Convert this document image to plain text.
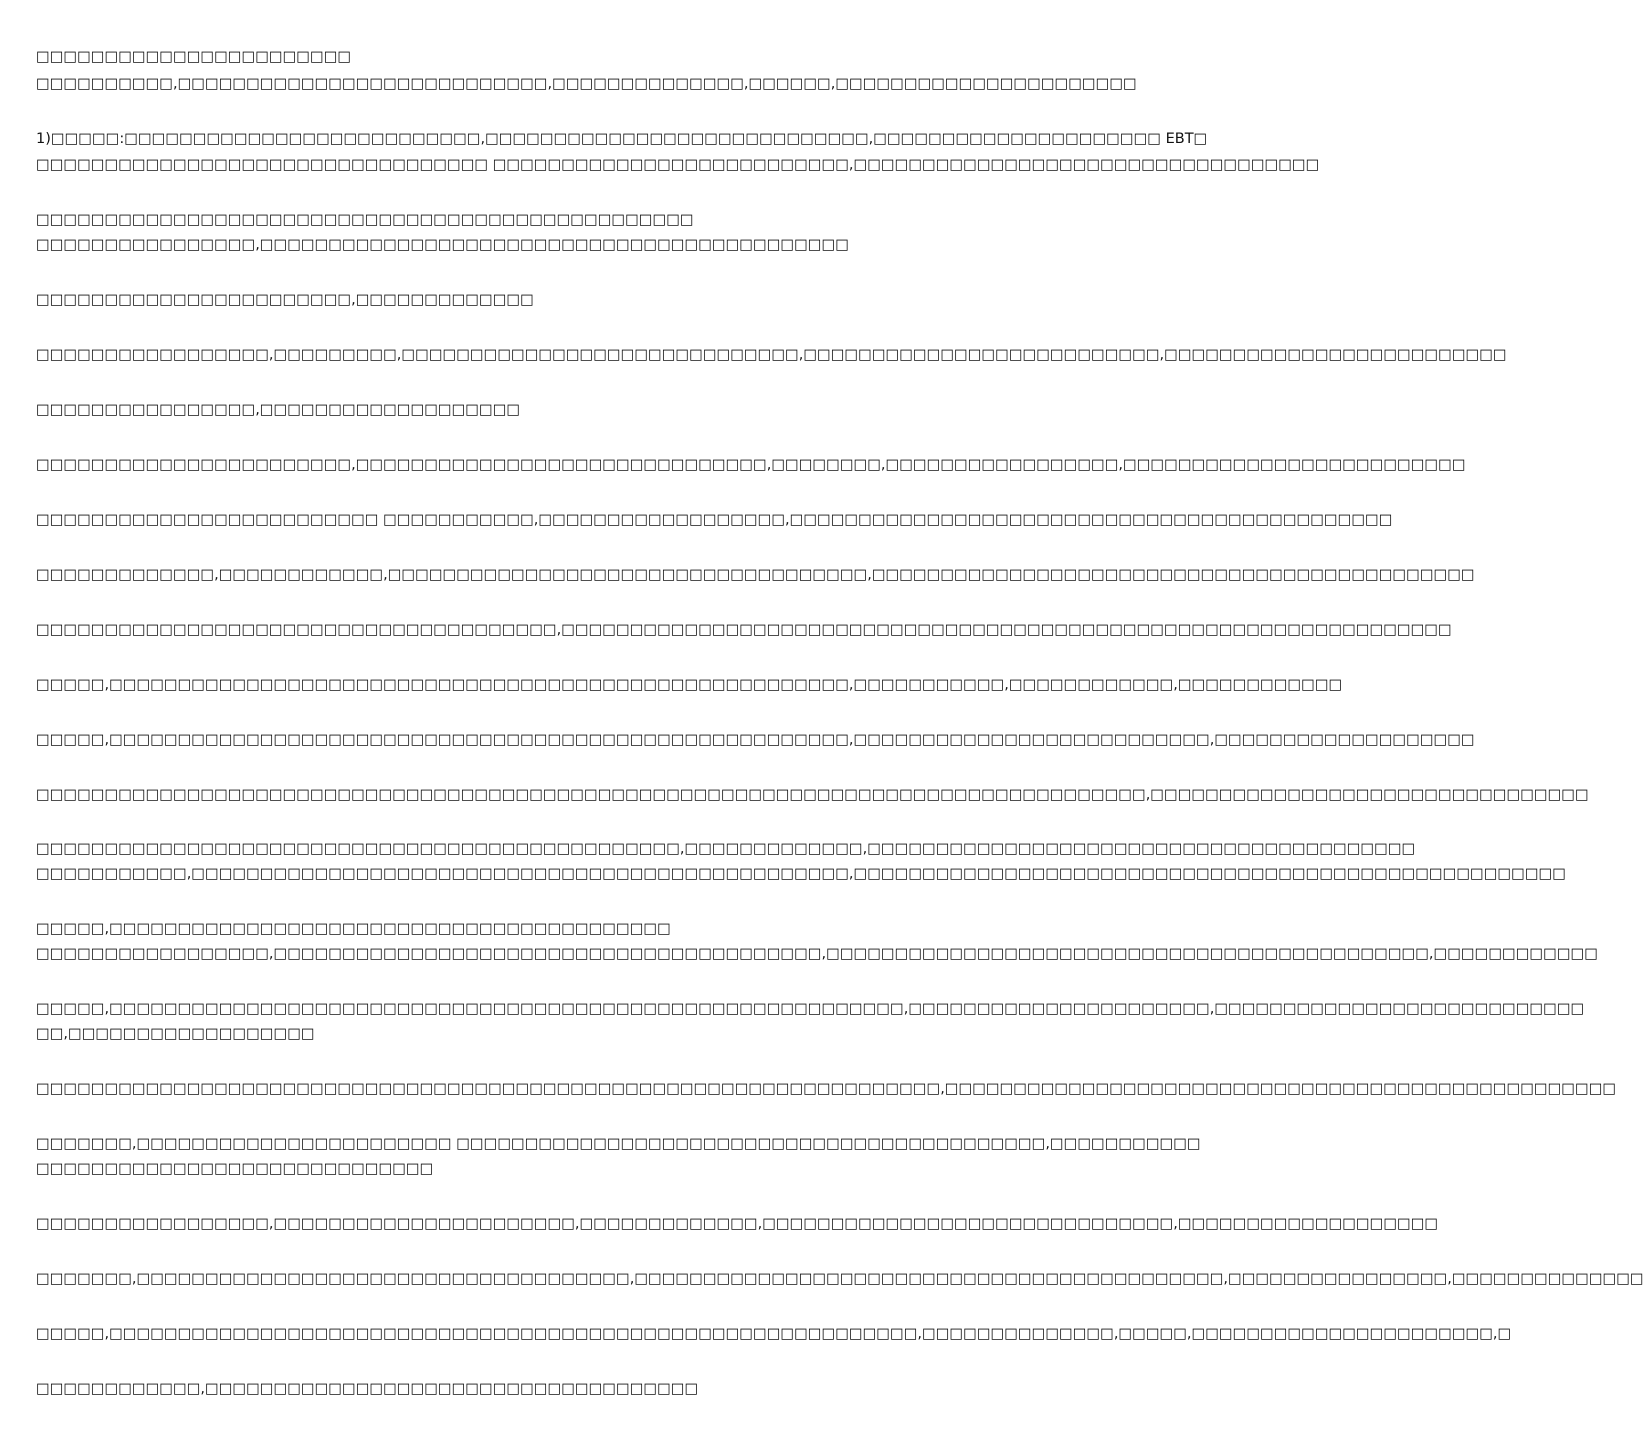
□□□□□□□□□□□□□□□□□□□□□□□
□□□□□□□□□□,□□□□□□□□□□□□□□□□□□□□□□□□□□□,□□□□□□□□□□□□□□,□□□□□□,□□□□□□□□□□□□□□□□□□□□□□
1)□□□□□:□□□□□□□□□□□□□□□□□□□□□□□□□□,□□□□□□□□□□□□□□□□□□□□□□□□□□□□,□□□□□□□□□□□□□□□□□□□□□ EBT□
□□□□□□□□□□□□□□□□□□□□□□□□□□□□□□□□□ □□□□□□□□□□□□□□□□□□□□□□□□□□,□□□□□□□□□□□□□□□□□□□□□□□□□□□□□□□□□□
□□□□□□□□□□□□□□□□□□□□□□□□□□□□□□□□□□□□□□□□□□□□□□□□
□□□□□□□□□□□□□□□□,□□□□□□□□□□□□□□□□□□□□□□□□□□□□□□□□□□□□□□□□□□□
□□□□□□□□□□□□□□□□□□□□□□□,□□□□□□□□□□□□□
□□□□□□□□□□□□□□□□□,□□□□□□□□□,□□□□□□□□□□□□□□□□□□□□□□□□□□□□□,□□□□□□□□□□□□□□□□□□□□□□□□□□,□□□□□□□□□□□□□□□□□□□□□□□□□
□□□□□□□□□□□□□□□□,□□□□□□□□□□□□□□□□□□□
□□□□□□□□□□□□□□□□□□□□□□□,□□□□□□□□□□□□□□□□□□□□□□□□□□□□□□,□□□□□□□□,□□□□□□□□□□□□□□□□□,□□□□□□□□□□□□□□□□□□□□□□□□□
□□□□□□□□□□□□□□□□□□□□□□□□□ □□□□□□□□□□□,□□□□□□□□□□□□□□□□□□,□□□□□□□□□□□□□□□□□□□□□□□□□□□□□□□□□□□□□□□□□□□□
□□□□□□□□□□□□□,□□□□□□□□□□□□,□□□□□□□□□□□□□□□□□□□□□□□□□□□□□□□□□□□,□□□□□□□□□□□□□□□□□□□□□□□□□□□□□□□□□□□□□□□□□□□□
□□□□□□□□□□□□□□□□□□□□□□□□□□□□□□□□□□□□□□,□□□□□□□□□□□□□□□□□□□□□□□□□□□□□□□□□□□□□□□□□□□□□□□□□□□□□□□□□□□□□□□□□
□□□□□,□□□□□□□□□□□□□□□□□□□□□□□□□□□□□□□□□□□□□□□□□□□□□□□□□□□□□□,□□□□□□□□□□□,□□□□□□□□□□□□,□□□□□□□□□□□□
□□□□□,□□□□□□□□□□□□□□□□□□□□□□□□□□□□□□□□□□□□□□□□□□□□□□□□□□□□□□,□□□□□□□□□□□□□□□□□□□□□□□□□□,□□□□□□□□□□□□□□□□□□□
□□□□□□□□□□□□□□□□□□□□□□□□□□□□□□□□□□□□□□□□□□□□□□□□□□□□□□□□□□□□□□□□□□□□□□□□□□□□□□□□□,□□□□□□□□□□□□□□□□□□□□□□□□□□□□□□□□
□□□□□□□□□□□□□□□□□□□□□□□□□□□□□□□□□□□□□□□□□□□□□□□,□□□□□□□□□□□□□,□□□□□□□□□□□□□□□□□□□□□□□□□□□□□□□□□□□□□□□□
□□□□□□□□□□□,□□□□□□□□□□□□□□□□□□□□□□□□□□□□□□□□□□□□□□□□□□□□□□□□,□□□□□□□□□□□□□□□□□□□□□□□□□□□□□□□□□□□□□□□□□□□□□□□□□□□□
□□□□□,□□□□□□□□□□□□□□□□□□□□□□□□□□□□□□□□□□□□□□□□□
□□□□□□□□□□□□□□□□□,□□□□□□□□□□□□□□□□□□□□□□□□□□□□□□□□□□□□□□□□,□□□□□□□□□□□□□□□□□□□□□□□□□□□□□□□□□□□□□□□□□□□□,□□□□□□□□□□□□
□□□□□,□□□□□□□□□□□□□□□□□□□□□□□□□□□□□□□□□□□□□□□□□□□□□□□□□□□□□□□□□□,□□□□□□□□□□□□□□□□□□□□□□,□□□□□□□□□□□□□□□□□□□□□□□□□□□
□□,□□□□□□□□□□□□□□□□□□
□□□□□□□□□□□□□□□□□□□□□□□□□□□□□□□□□□□□□□□□□□□□□□□□□□□□□□□□□□□□□□□□□□,□□□□□□□□□□□□□□□□□□□□□□□□□□□□□□□□□□□□□□□□□□□□□□□□□
□□□□□□□,□□□□□□□□□□□□□□□□□□□□□□□ □□□□□□□□□□□□□□□□□□□□□□□□□□□□□□□□□□□□□□□□□□□,□□□□□□□□□□□
□□□□□□□□□□□□□□□□□□□□□□□□□□□□□
□□□□□□□□□□□□□□□□□,□□□□□□□□□□□□□□□□□□□□□□,□□□□□□□□□□□□□,□□□□□□□□□□□□□□□□□□□□□□□□□□□□□□,□□□□□□□□□□□□□□□□□□□
□□□□□□□,□□□□□□□□□□□□□□□□□□□□□□□□□□□□□□□□□□□□,□□□□□□□□□□□□□□□□□□□□□□□□□□□□□□□□□□□□□□□□□□□,□□□□□□□□□□□□□□□□,□□□□□□□□□□□□□□
□□□□□,□□□□□□□□□□□□□□□□□□□□□□□□□□□□□□□□□□□□□□□□□□□□□□□□□□□□□□□□□□□,□□□□□□□□□□□□□□,□□□□□,□□□□□□□□□□□□□□□□□□□□□□,□
□□□□□□□□□□□□,□□□□□□□□□□□□□□□□□□□□□□□□□□□□□□□□□□□□
